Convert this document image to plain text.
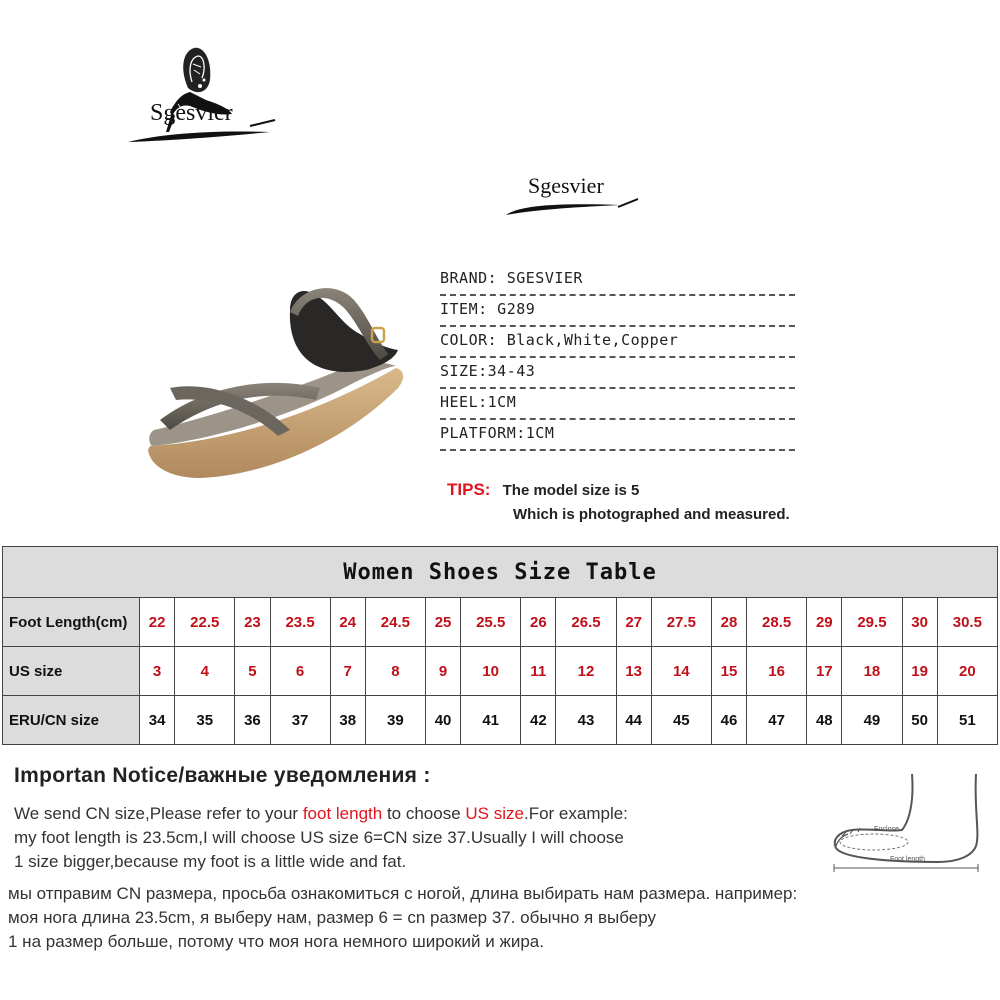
Sgesvier
Sgesvier
BRAND: SGESVIER
ITEM: G289
COLOR: Black,White,Copper
SIZE:34-43
HEEL:1CM
PLATFORM:1CM
TIPS: The model size is 5
Which is photographed and measured.
Women Shoes Size Table																		
Foot Length(cm)	22	22.5	23	23.5	24	24.5	25	25.5	26	26.5	27	27.5	28	28.5	29	29.5	30	30.5
US size	3	4	5	6	7	8	9	10	11	12	13	14	15	16	17	18	19	20
ERU/CN size	34	35	36	37	38	39	40	41	42	43	44	45	46	47	48	49	50	51
Importan Notice/важные уведомления :
We send CN size,Please refer to your foot length to choose US size.For example:
my foot length is 23.5cm,I will choose US size 6=CN size 37.Usually I will choose
1 size bigger,because my foot is a little wide and fat.
мы отправим CN размера, просьба ознакомиться с ногой, длина выбирать нам размера. например:
моя нога длина 23.5cm, я выберу нам, размер 6 = cn размер 37. обычно я выберу
1 на размер больше, потому что моя нога немного широкий и жира.
Enclose
Foot length
